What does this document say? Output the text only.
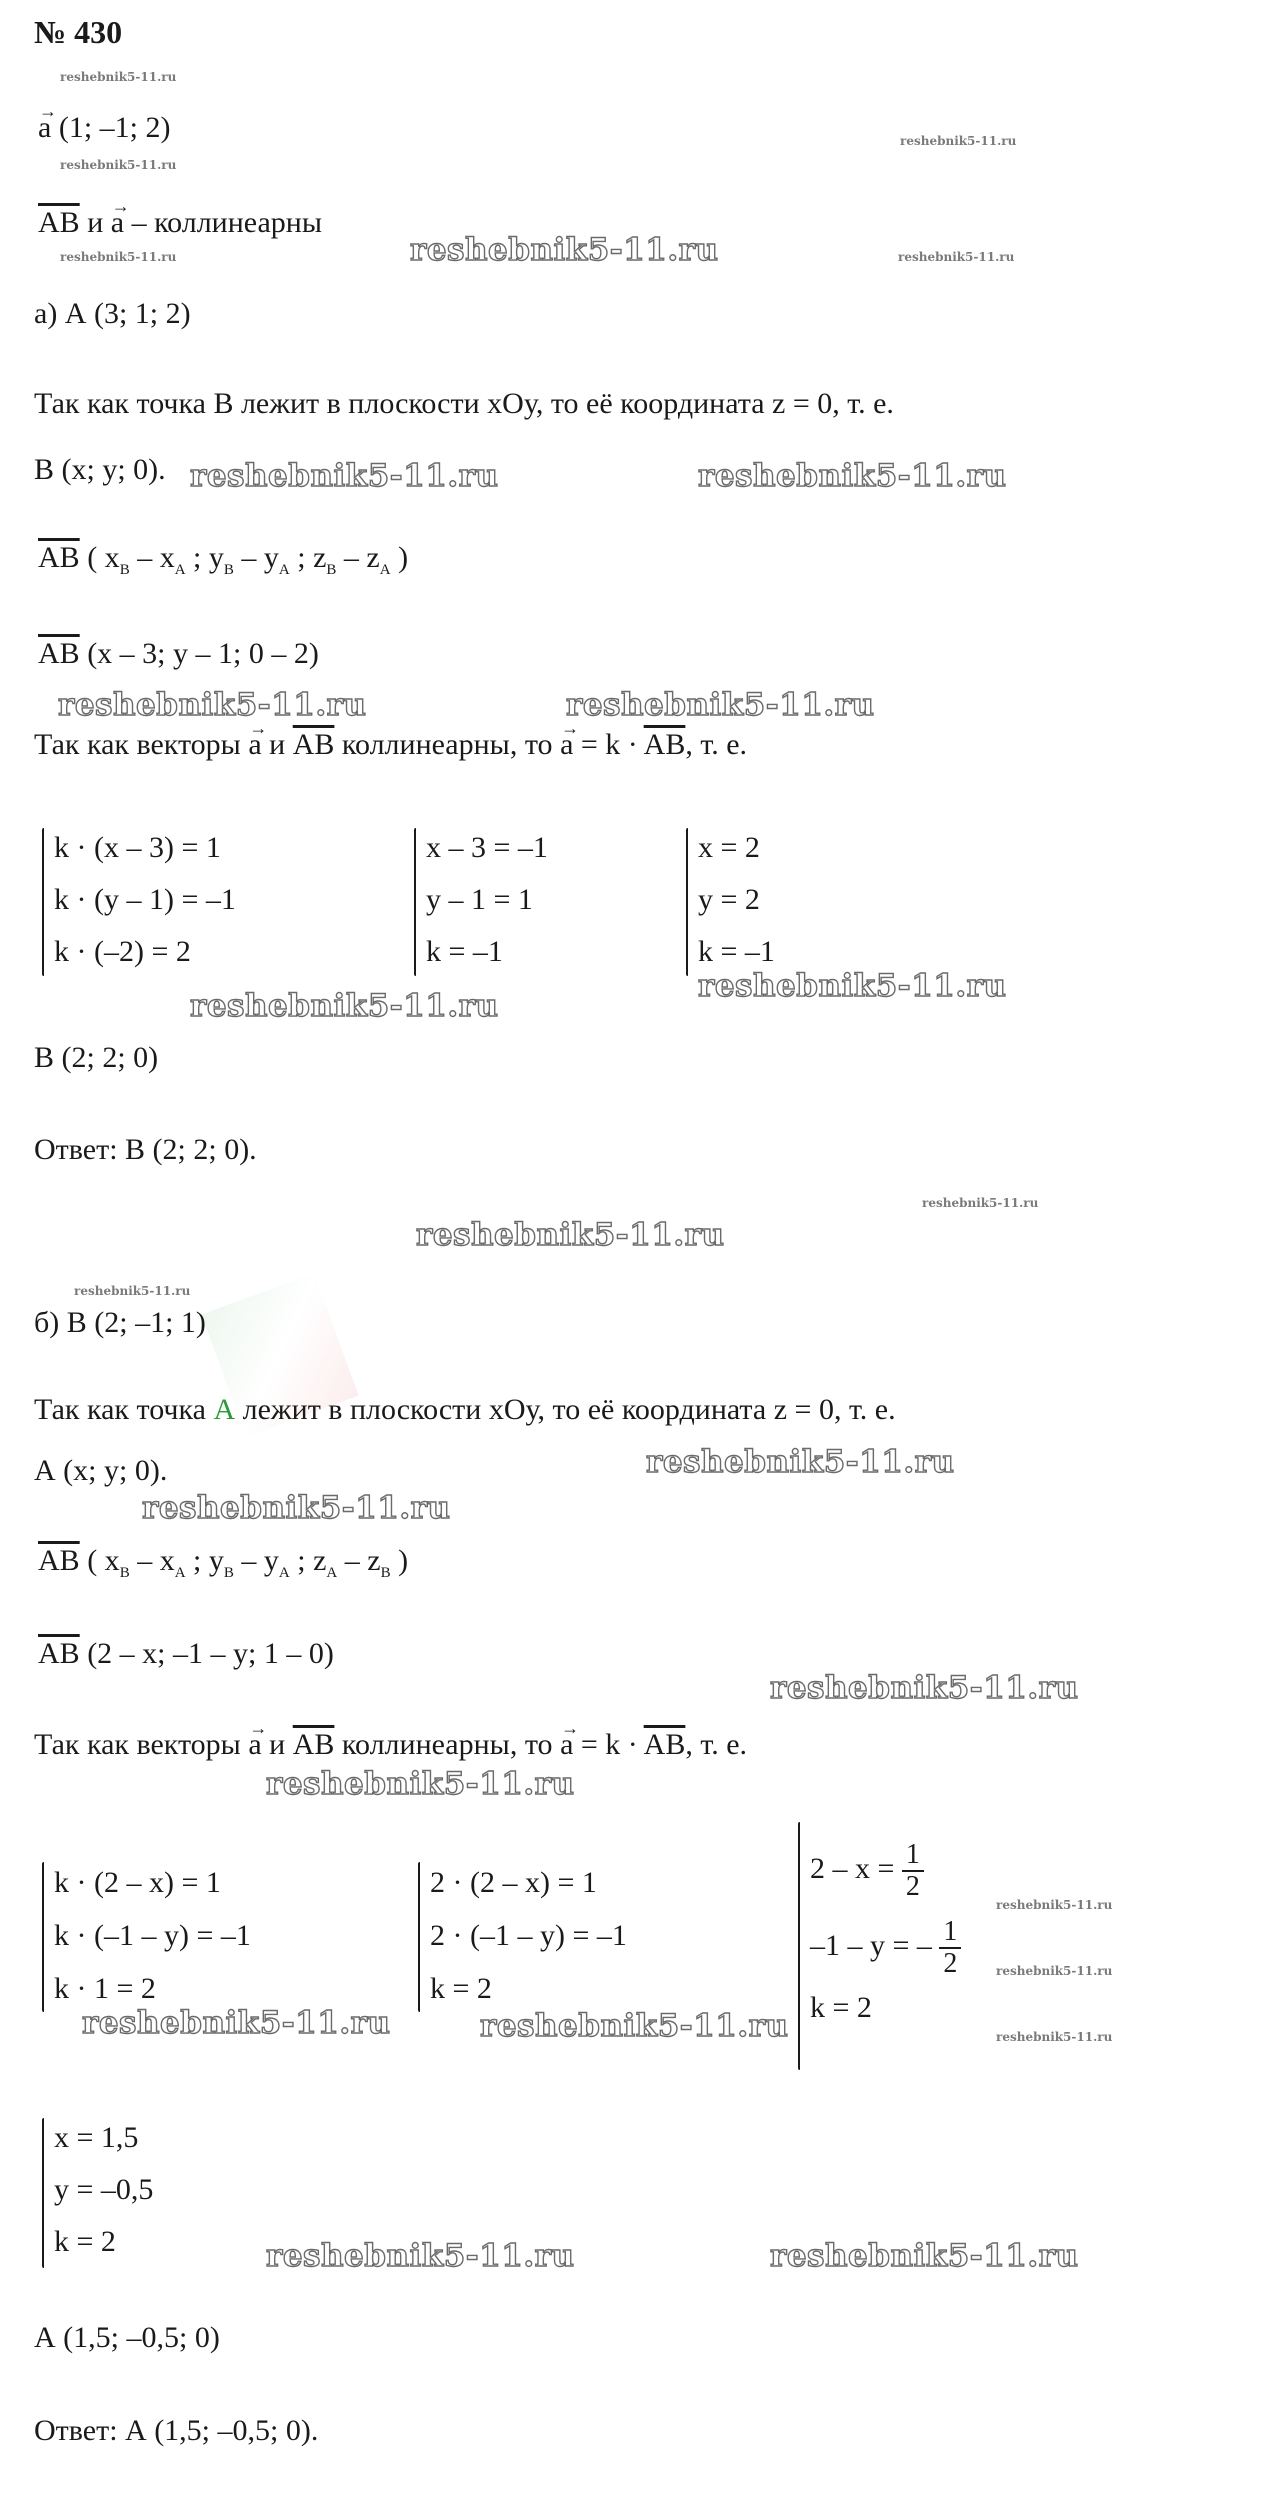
№ 430
→ a (1; –1; 2)
$\overline{AB}$ и → a – коллинеарны
а) А (3; 1; 2)
Так как точка В лежит в плоскости хОу, то её координата z = 0, т. е.
В (x; y; 0).
$\overline{AB}$ ( $x_В - x_А$ ; $y_В - y_А$ ; $z_В - z_А$ )
$\overline{AB}$ (x – 3; y – 1; 0 – 2)
Так как векторы → a и $\overline{AB}$ коллинеарны, то → $a = k \cdot \overline{AB}$, т. е.
k · (x – 3) = 1
k · (y – 1) = –1
k · (–2) = 2
x – 3 = –1
y – 1 = 1
k = –1
x = 2
y = 2
k = –1
В (2; 2; 0)
Ответ: В (2; 2; 0).
б) В (2; –1; 1)
Так как точка А лежит в плоскости хОу, то её координата z = 0, т. е.
А (x; y; 0).
$\overline{AB}$ ( $x_В - x_А$ ; $y_В - y_А$ ; $z_А - z_В$ )
$\overline{AB}$ (2 – x; –1 – y; 1 – 0)
Так как векторы → a и $\overline{AB}$ коллинеарны, то → $a = k \cdot \overline{AB}$, т. е.
k · (2 – x) = 1
k · (–1 – y) = –1
k · 1 = 2
2 · (2 – x) = 1
2 · (–1 – y) = –1
k = 2
$2 - x = \frac{1}{2}$
–1 – y = – $\frac{1}{2}$
k = 2
x = 1,5
y = –0,5
k = 2
А (1,5; –0,5; 0)
Ответ: А (1,5; –0,5; 0).
reshebnik5-11.ru
reshebnik5-11.ru
reshebnik5-11.ru
reshebnik5-11.ru
reshebnik5-11.ru
reshebnik5-11.ru
reshebnik5-11.ru	reshebnik5-11.ru
reshebnik5-11.ru	reshebnik5-11.ru
reshebnik5-11.ru
reshebnik5-11.ru
reshebnik5-11.ru
reshebnik5-11.ru
reshebnik5-11.ru
reshebnik5-11.ru
reshebnik5-11.ru
reshebnik5-11.ru
reshebnik5-11.ru
reshebnik5-11.ru
reshebnik5-11.ru
reshebnik5-11.ru
reshebnik5-11.ru	reshebnik5-11.ru
reshebnik5-11.ru	reshebnik5-11.ru
